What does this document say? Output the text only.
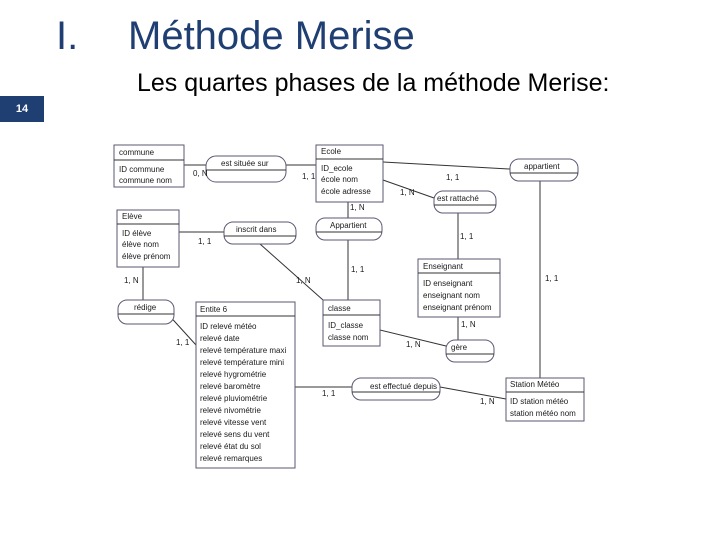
14
I. Méthode Merise
Les quartes phases de la méthode Merise:
commune
ID commune
commune nom
Ecole
ID_ecole
école nom
école adresse
Elève
ID élève
élève nom
élève prénom
Enseignant
ID enseignant
enseignant nom
enseignant prénom
Entite 6
ID relevé météo
relevé date
relevé température maxi
relevé température mini
relevé hygrométrie
relevé baromètre
relevé pluviométrie
relevé nivométrie
relevé vitesse vent
relevé sens du vent
relevé état du sol
relevé remarques
classe
ID_classe
classe nom
Station Météo
ID station météo
station météo nom
est située sur	appartient
est rattaché
inscrit dans	Appartient
rédige
gère
est effectué depuis
0, N	1, 1	1, 1
1, N
1, N
1, 1
1, 1
1, N
1, 1
1, 1
1, N
1, 1
1, N
1, N
1, 1
1, N
